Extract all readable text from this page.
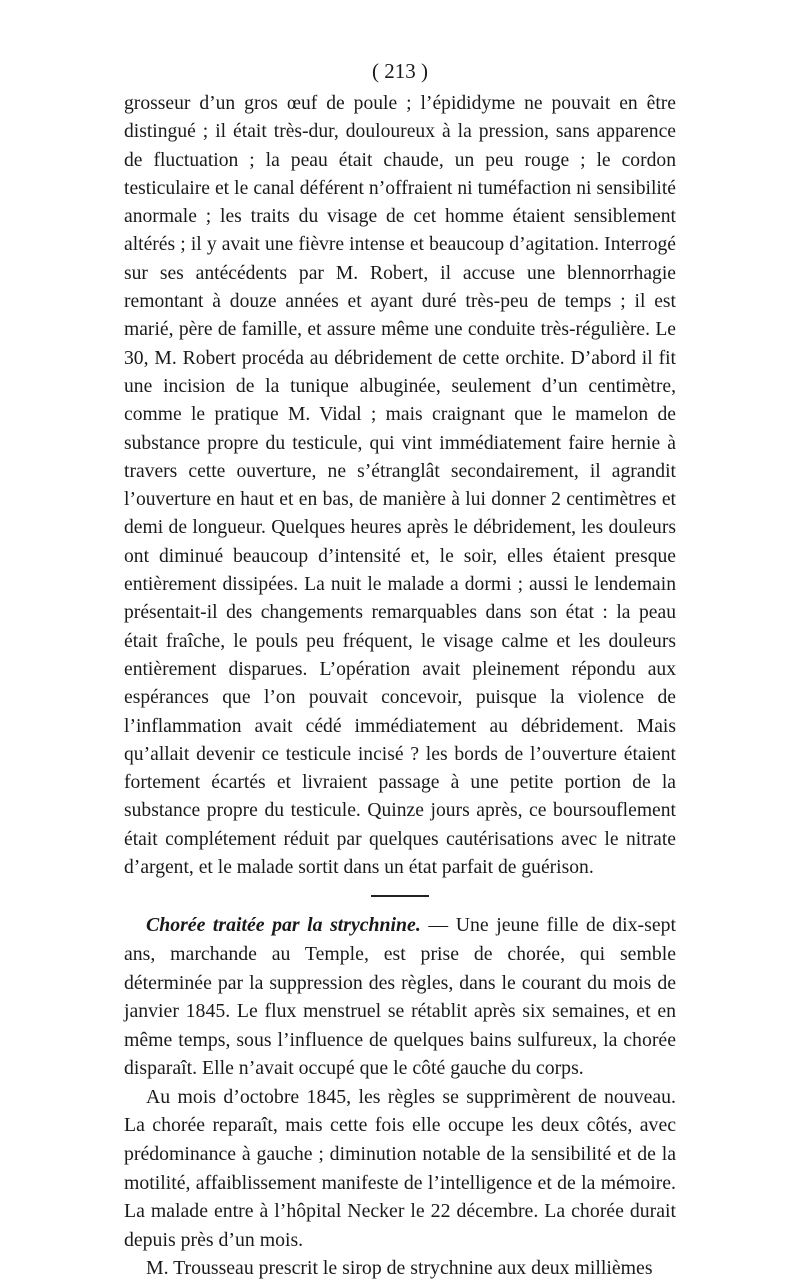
( 213 )

grosseur d’un gros œuf de poule ; l’épididyme ne pouvait en être distingué ; il était très-dur, douloureux à la pression, sans apparence de fluctuation ; la peau était chaude, un peu rouge ; le cordon testiculaire et le canal déférent n’offraient ni tuméfaction ni sensibilité anormale ; les traits du visage de cet homme étaient sensiblement altérés ; il y avait une fièvre intense et beaucoup d’agitation. Interrogé sur ses antécédents par M. Robert, il accuse une blennorrhagie remontant à douze années et ayant duré très-peu de temps ; il est marié, père de famille, et assure même une conduite très-régulière. Le 30, M. Robert procéda au débridement de cette orchite. D’abord il fit une incision de la tunique albuginée, seulement d’un centimètre, comme le pratique M. Vidal ; mais craignant que le mamelon de substance propre du testicule, qui vint immédiatement faire hernie à travers cette ouverture, ne s’étranglât secondairement, il agrandit l’ouverture en haut et en bas, de manière à lui donner 2 centimètres et demi de longueur. Quelques heures après le débridement, les douleurs ont diminué beaucoup d’intensité et, le soir, elles étaient presque entièrement dissipées. La nuit le malade a dormi ; aussi le lendemain présentait-il des changements remarquables dans son état : la peau était fraîche, le pouls peu fréquent, le visage calme et les douleurs entièrement disparues. L’opération avait pleinement répondu aux espérances que l’on pouvait concevoir, puisque la violence de l’inflammation avait cédé immédiatement au débridement. Mais qu’allait devenir ce testicule incisé ? les bords de l’ouverture étaient fortement écartés et livraient passage à une petite portion de la substance propre du testicule. Quinze jours après, ce boursouflement était complétement réduit par quelques cautérisations avec le nitrate d’argent, et le malade sortit dans un état parfait de guérison.

Chorée traitée par la strychnine. — Une jeune fille de dix-sept ans, marchande au Temple, est prise de chorée, qui semble déterminée par la suppression des règles, dans le courant du mois de janvier 1845. Le flux menstruel se rétablit après six semaines, et en même temps, sous l’influence de quelques bains sulfureux, la chorée disparaît. Elle n’avait occupé que le côté gauche du corps.

Au mois d’octobre 1845, les règles se supprimèrent de nouveau. La chorée reparaît, mais cette fois elle occupe les deux côtés, avec prédominance à gauche ; diminution notable de la sensibilité et de la motilité, affaiblissement manifeste de l’intelligence et de la mémoire. La malade entre à l’hôpital Necker le 22 décembre. La chorée durait depuis près d’un mois.

M. Trousseau prescrit le sirop de strychnine aux deux millièmes
